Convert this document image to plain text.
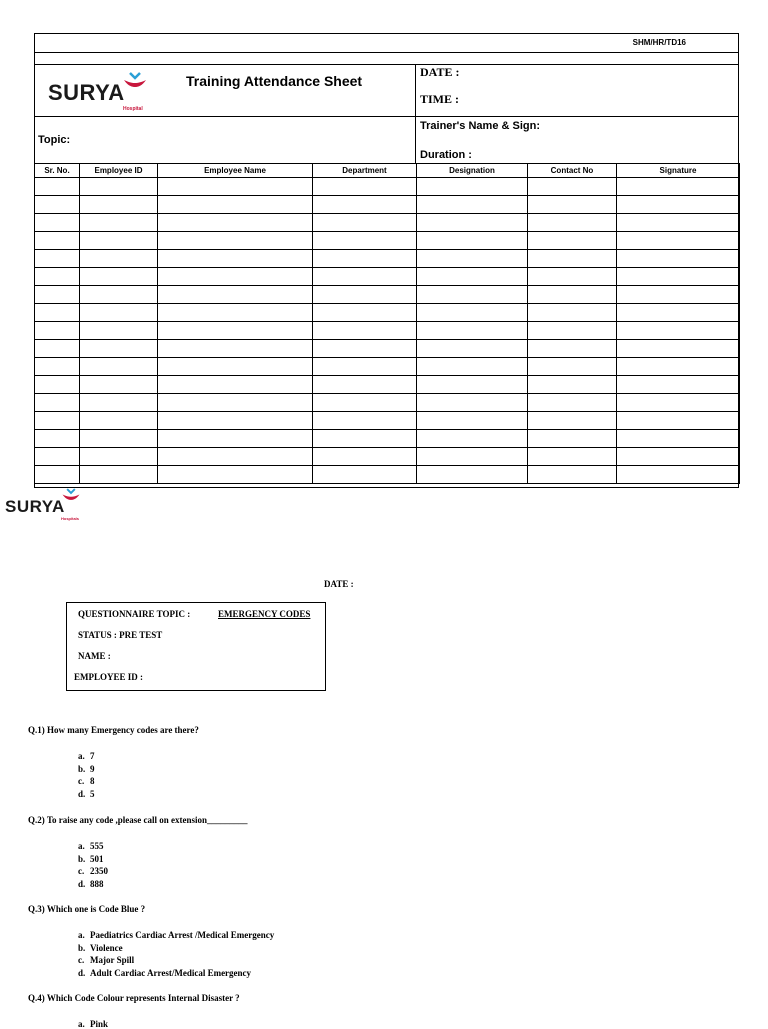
SHM/HR/TD16
SURYA
Hospital
Training Attendance Sheet
DATE :
TIME :
Topic:
Trainer's Name & Sign:
Duration :
Sr. No.	Employee ID	Employee Name	Department	Designation	Contact No	Signature

SURYA
Hospitals
DATE :
QUESTIONNAIRE TOPIC :	EMERGENCY CODES
STATUS : PRE TEST
NAME :
EMPLOYEE ID :
Q.1) How many Emergency codes are there?
a. 7
b. 9
c. 8
d. 5
Q.2) To raise any code ,please call on extension_________
a. 555
b. 501
c. 2350
d. 888
Q.3) Which one is Code Blue ?
a. Paediatrics Cardiac Arrest /Medical Emergency
b. Violence
c. Major Spill
d. Adult Cardiac Arrest/Medical Emergency
Q.4) Which Code Colour represents Internal Disaster ?
a. Pink
